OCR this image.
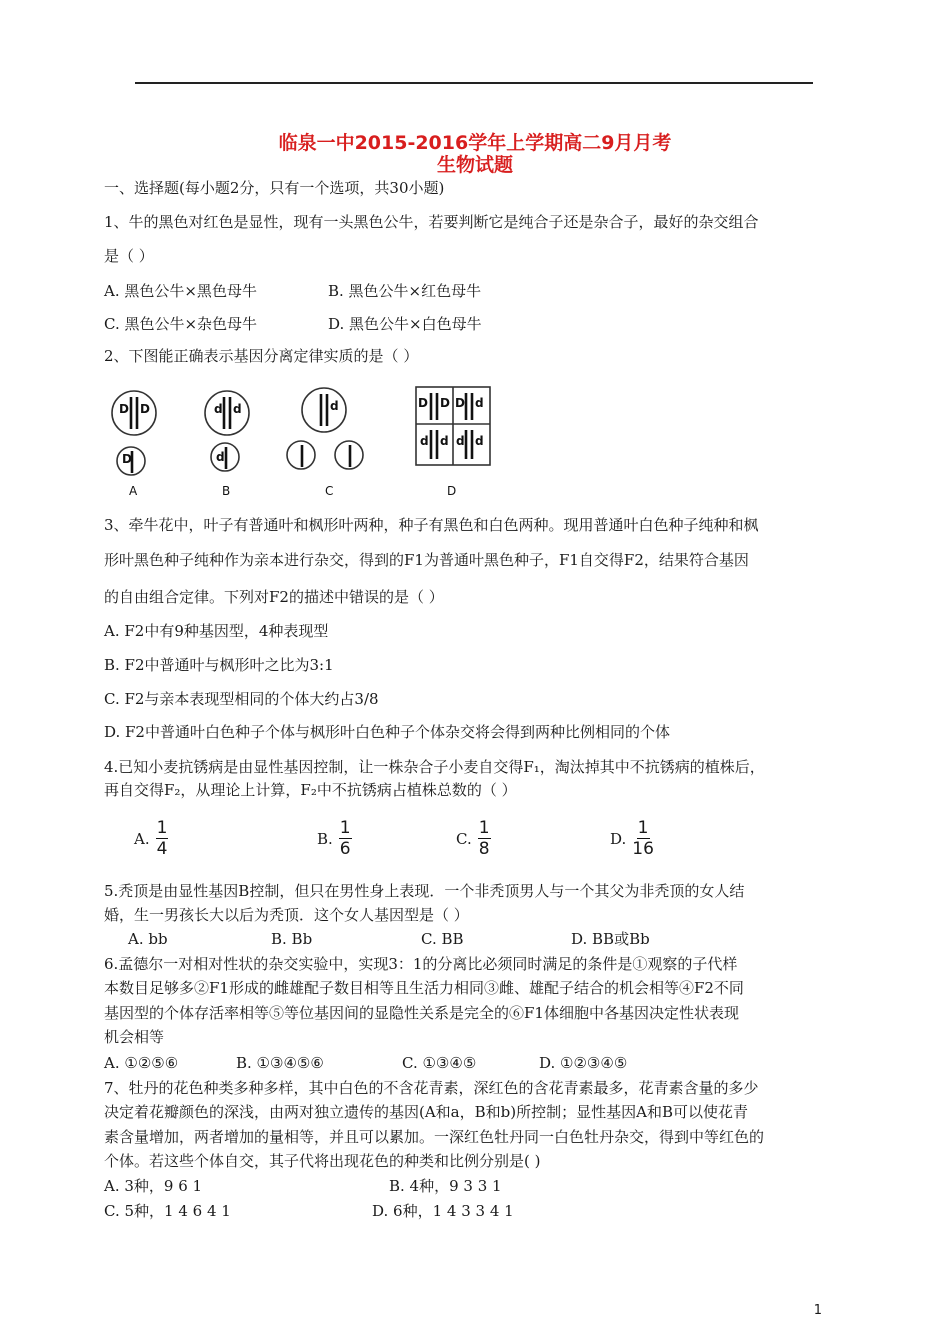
临泉一中2015-2016学年上学期高二9月月考
生物试题
一、选择题(每小题2分，只有一个选项，共30小题)
1、牛的黑色对红色是显性，现有一头黑色公牛，若要判断它是纯合子还是杂合子，最好的杂交组合
是（ ）
A. 黑色公牛×黑色母牛	B. 黑色公牛×红色母牛
C. 黑色公牛×杂色母牛	D. 黑色公牛×白色母牛
2、下图能正确表示基因分离定律实质的是（ ）
D D
D
d d
d
d	D D D d
d d d d
A	B	C	D
3、牵牛花中，叶子有普通叶和枫形叶两种，种子有黑色和白色两种。现用普通叶白色种子纯种和枫
形叶黑色种子纯种作为亲本进行杂交，得到的F1为普通叶黑色种子，F1自交得F2，结果符合基因
的自由组合定律。下列对F2的描述中错误的是（ ）
A. F2中有9种基因型，4种表现型
B. F2中普通叶与枫形叶之比为3:1
C. F2与亲本表现型相同的个体大约占3/8
D. F2中普通叶白色种子个体与枫形叶白色种子个体杂交将会得到两种比例相同的个体
4.已知小麦抗锈病是由显性基因控制，让一株杂合子小麦自交得F₁，淘汰掉其中不抗锈病的植株后，
再自交得F₂，从理论上计算，F₂中不抗锈病占植株总数的（ ）
A. $\frac{1}{4}$	B. $\frac{1}{6}$	C. $\frac{1}{8}$	D. $\frac{1}{16}$
5.秃顶是由显性基因B控制，但只在男性身上表现．一个非秃顶男人与一个其父为非秃顶的女人结
婚，生一男孩长大以后为秃顶．这个女人基因型是（ ）
A. bb	B. Bb	C. BB	D. BB或Bb
6.孟德尔一对相对性状的杂交实验中，实现3：1的分离比必须同时满足的条件是①观察的子代样
本数目足够多②F1形成的雌雄配子数目相等且生活力相同③雌、雄配子结合的机会相等④F2不同
基因型的个体存活率相等⑤等位基因间的显隐性关系是完全的⑥F1体细胞中各基因决定性状表现
机会相等
A. ①②⑤⑥	B. ①③④⑤⑥	C. ①③④⑤	D. ①②③④⑤
7、牡丹的花色种类多种多样，其中白色的不含花青素，深红色的含花青素最多，花青素含量的多少
决定着花瓣颜色的深浅，由两对独立遗传的基因(A和a，B和b)所控制；显性基因A和B可以使花青
素含量增加，两者增加的量相等，并且可以累加。一深红色牡丹同一白色牡丹杂交，得到中等红色的
个体。若这些个体自交，其子代将出现花色的种类和比例分别是( )
A. 3种，9 6 1	B. 4种，9 3 3 1
C. 5种，1 4 6 4 1	D. 6种，1 4 3 3 4 1
1
